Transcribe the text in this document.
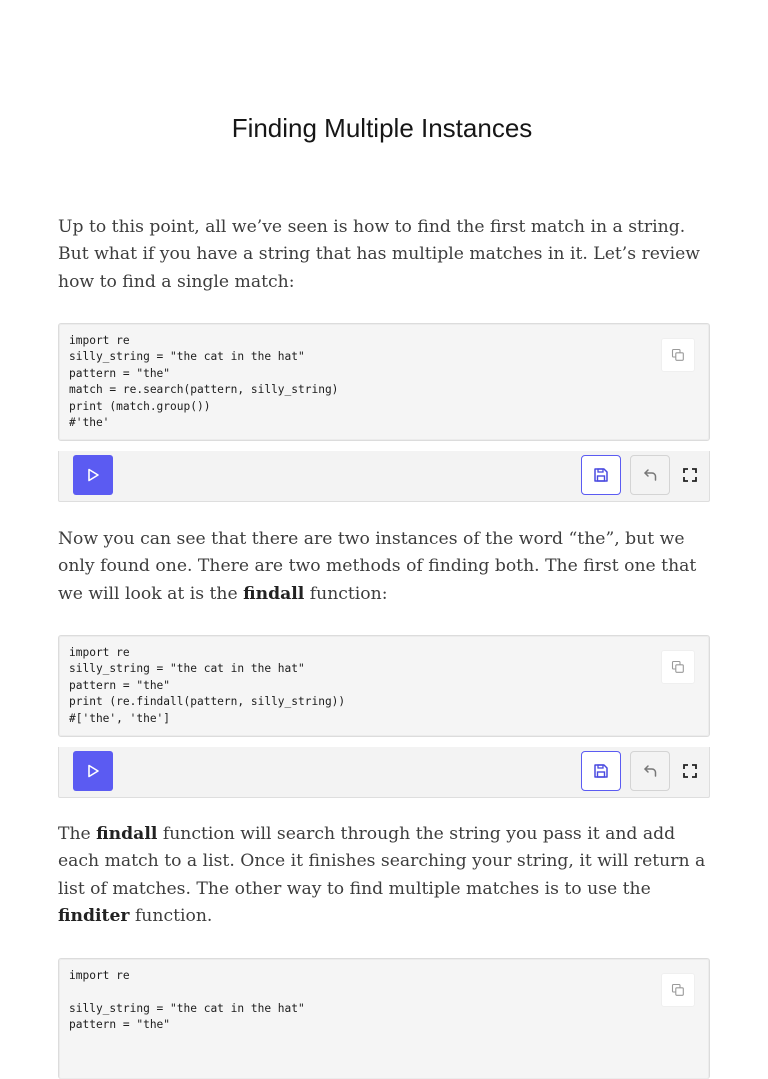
Finding Multiple Instances

Up to this point, all we’ve seen is how to find the first match in a string. But what if you have a string that has multiple matches in it. Let’s review how to find a single match:

import re
silly_string = "the cat in the hat"
pattern = "the"
match = re.search(pattern, silly_string)
print (match.group())
#'the'

Now you can see that there are two instances of the word “the”, but we only found one. There are two methods of finding both. The first one that we will look at is the findall function:

import re
silly_string = "the cat in the hat"
pattern = "the"
print (re.findall(pattern, silly_string))
#['the', 'the']

The findall function will search through the string you pass it and add each match to a list. Once it finishes searching your string, it will return a list of matches. The other way to find multiple matches is to use the finditer function.

import re

silly_string = "the cat in the hat"
pattern = "the"
